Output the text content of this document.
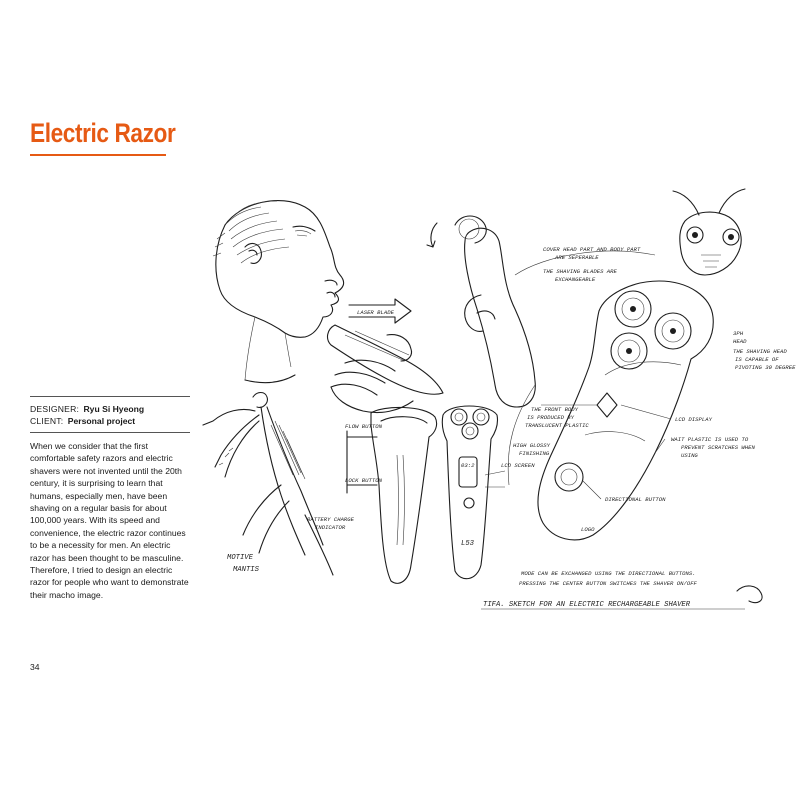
Electric Razor
DESIGNER: Ryu Si Hyeong
CLIENT: Personal project

When we consider that the first comfortable safety razors and electric shavers were not invented until the 20th century, it is surprising to learn that humans, especially men, have been shaving on a regular basis for about 100,000 years. With its speed and convenience, the electric razor continues to be a necessity for men. An electric razor has been thought to be masculine. Therefore, I tried to design an electric razor for people who want to demonstrate their macho image.

34
LASER BLADE
MOTIVE
MANTIS
FLOW BUTTON
LOCK BUTTON
BATTERY CHARGE
INDICATOR
03:2
L53
LCD SCREEN
COVER HEAD PART AND BODY PART
ARE SEPERABLE
THE SHAVING BLADES ARE
EXCHANGEABLE
3PH
HEAD
THE SHAVING HEAD
IS CAPABLE OF
PIVOTING 30 DEGREE
THE FRONT BODY
IS PRODUCED BY
TRANSLUCENT PLASTIC
HIGH GLOSSY
FINISHING
LCD DISPLAY
WAIT PLASTIC IS USED TO
PREVENT SCRATCHES WHEN
USING
DIRECTIONAL BUTTON
LOGO
MODE CAN BE EXCHANGED USING THE DIRECTIONAL BUTTONS.
PRESSING THE CENTER BUTTON SWITCHES THE SHAVER ON/OFF
TIFA. SKETCH FOR AN ELECTRIC RECHARGEABLE SHAVER
